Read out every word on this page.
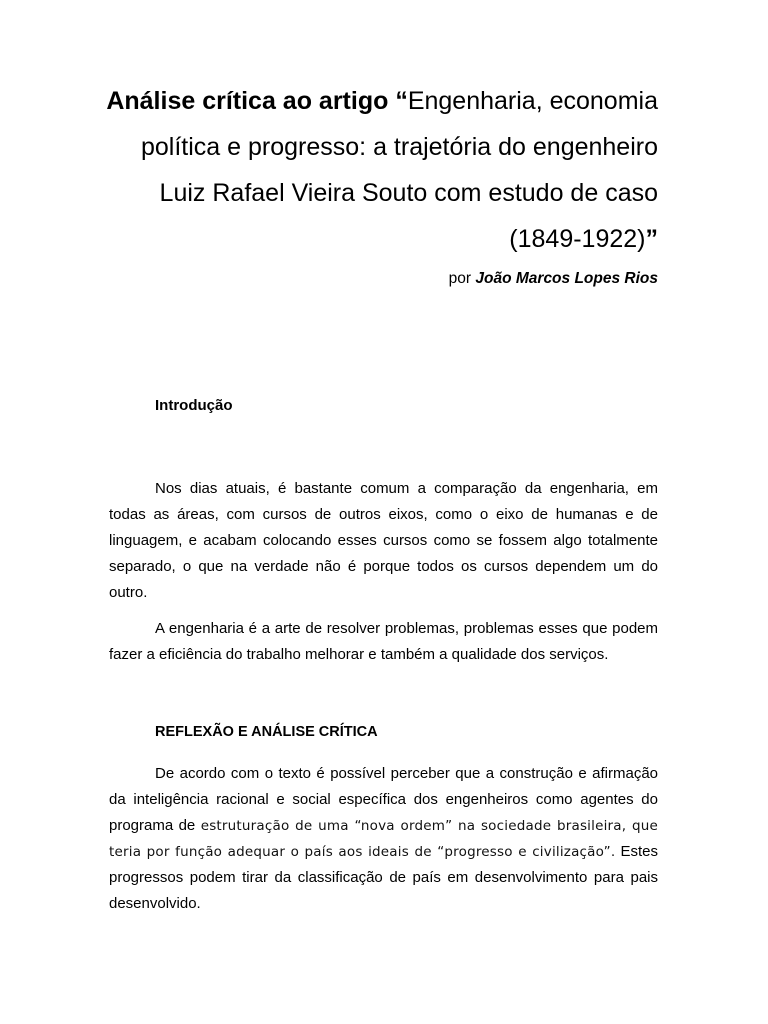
Análise crítica ao artigo “Engenharia, economia política e progresso: a trajetória do engenheiro Luiz Rafael Vieira Souto com estudo de caso (1849-1922)”

por João Marcos Lopes Rios

Introdução

Nos dias atuais, é bastante comum a comparação da engenharia, em todas as áreas, com cursos de outros eixos, como o eixo de humanas e de linguagem, e acabam colocando esses cursos como se fossem algo totalmente separado, o que na verdade não é porque todos os cursos dependem um do outro.

A engenharia é a arte de resolver problemas, problemas esses que podem fazer a eficiência do trabalho melhorar e também a qualidade dos serviços.

REFLEXÃO E ANÁLISE CRÍTICA

De acordo com o texto é possível perceber que a construção e afirmação da inteligência racional e social específica dos engenheiros como agentes do programa de estruturação de uma “nova ordem” na sociedade brasileira, que teria por função adequar o país aos ideais de “progresso e civilização”. Estes progressos podem tirar da classificação de país em desenvolvimento para pais desenvolvido.
